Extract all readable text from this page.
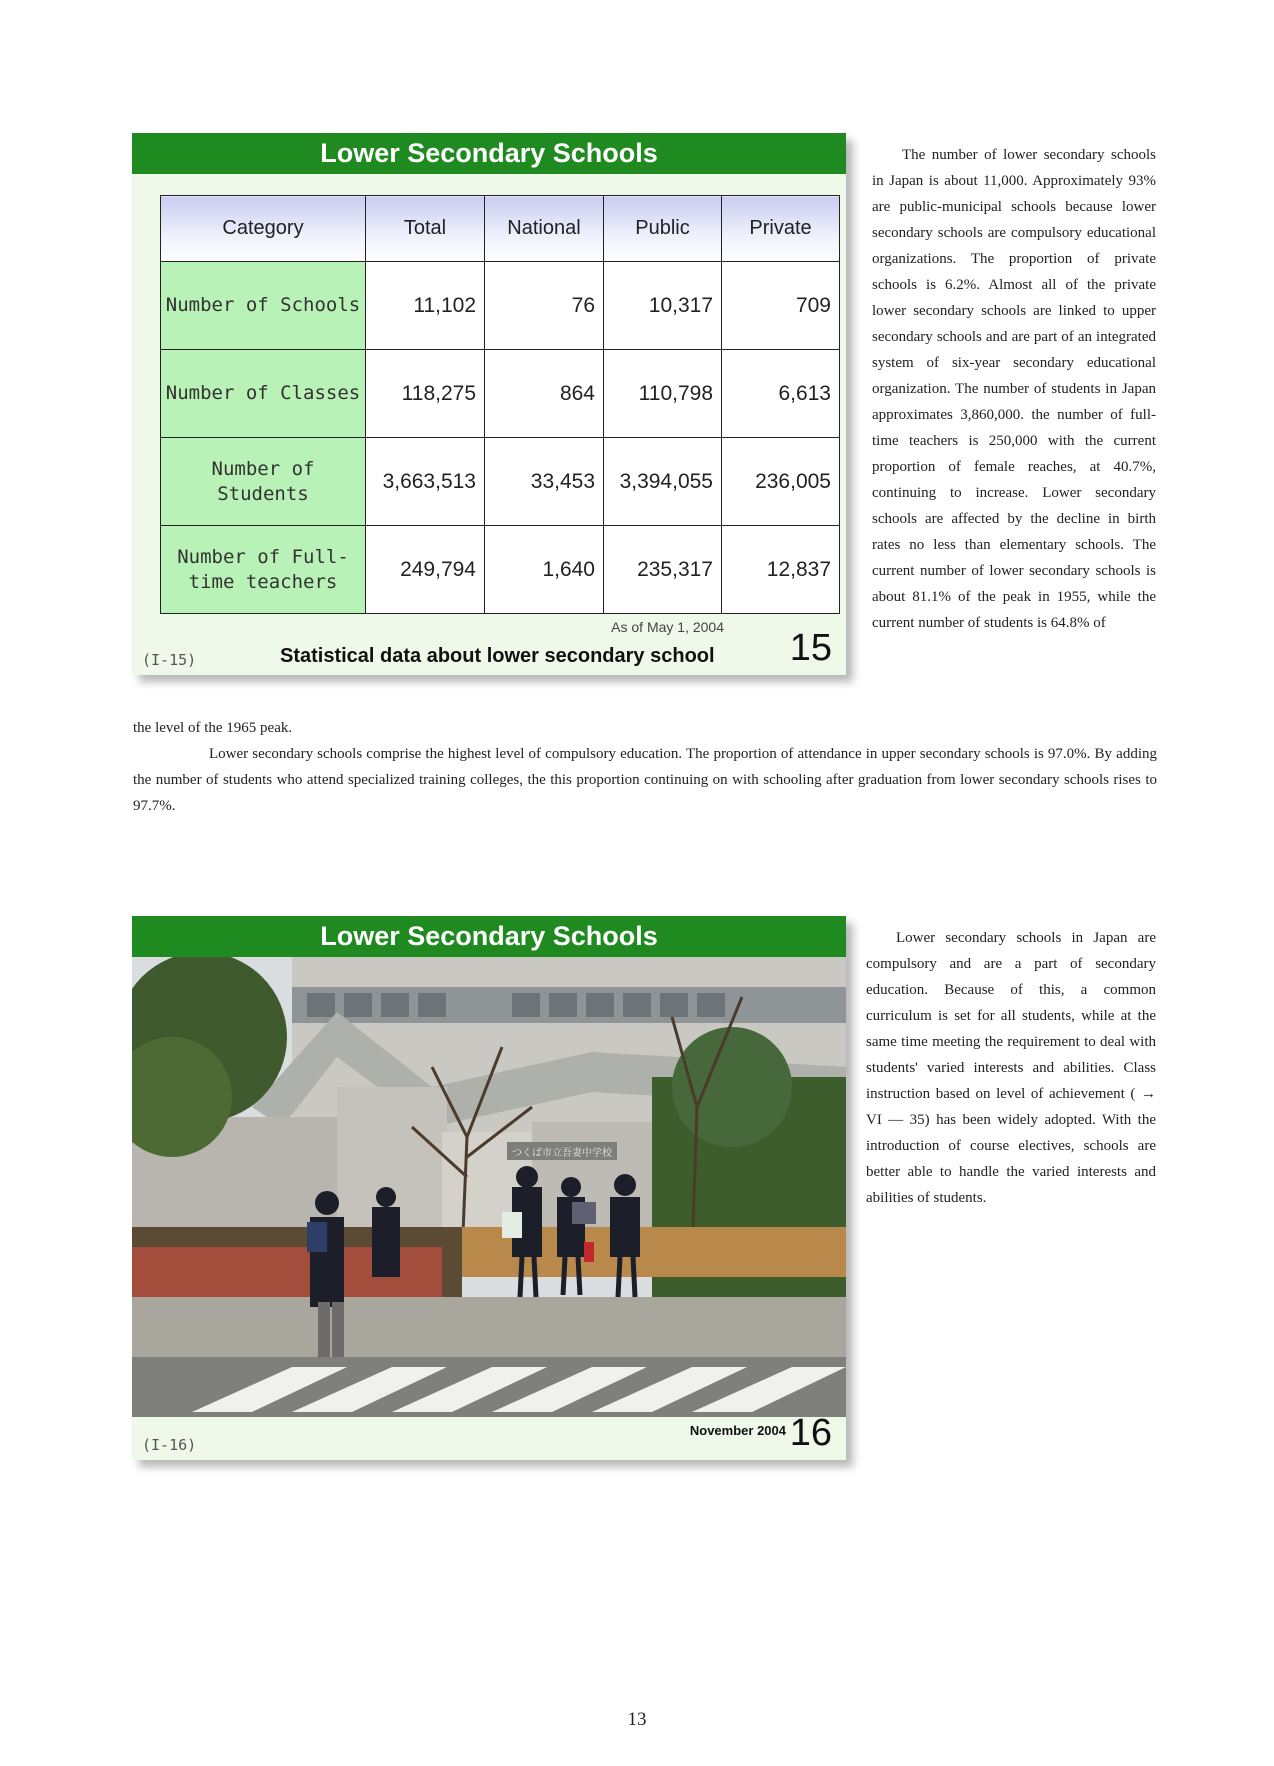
Lower Secondary Schools
Category	Total	National	Public	Private
Number of Schools	11,102	76	10,317	709
Number of Classes	118,275	864	110,798	6,613
Number of Students	3,663,513	33,453	3,394,055	236,005
Number of Full-time teachers	249,794	1,640	235,317	12,837
As of May 1, 2004
(I-15)	Statistical data about lower secondary school 15
The number of lower secondary schools in Japan is about 11,000. Approximately 93% are public-municipal schools because lower secondary schools are compulsory educational organizations. The proportion of private schools is 6.2%. Almost all of the private lower secondary schools are linked to upper secondary schools and are part of an integrated system of six-year secondary educational organization. The number of students in Japan approximates 3,860,000. the number of full-time teachers is 250,000 with the current proportion of female reaches, at 40.7%, continuing to increase. Lower secondary schools are affected by the decline in birth rates no less than elementary schools. The current number of lower secondary schools is about 81.1% of the peak in 1955, while the current number of students is 64.8% of
the level of the 1965 peak.
Lower secondary schools comprise the highest level of compulsory education. The proportion of attendance in upper secondary schools is 97.0%. By adding the number of students who attend specialized training colleges, the this proportion continuing on with schooling after graduation from lower secondary schools rises to 97.7%.
Lower Secondary Schools
つくば市立吾妻中学校
(I-16)
November 2004 16
Lower secondary schools in Japan are compulsory and are a part of secondary education. Because of this, a common curriculum is set for all students, while at the same time meeting the requirement to deal with students' varied interests and abilities. Class instruction based on level of achievement ( → VI — 35) has been widely adopted. With the introduction of course electives, schools are better able to handle the varied interests and abilities of students.
13
